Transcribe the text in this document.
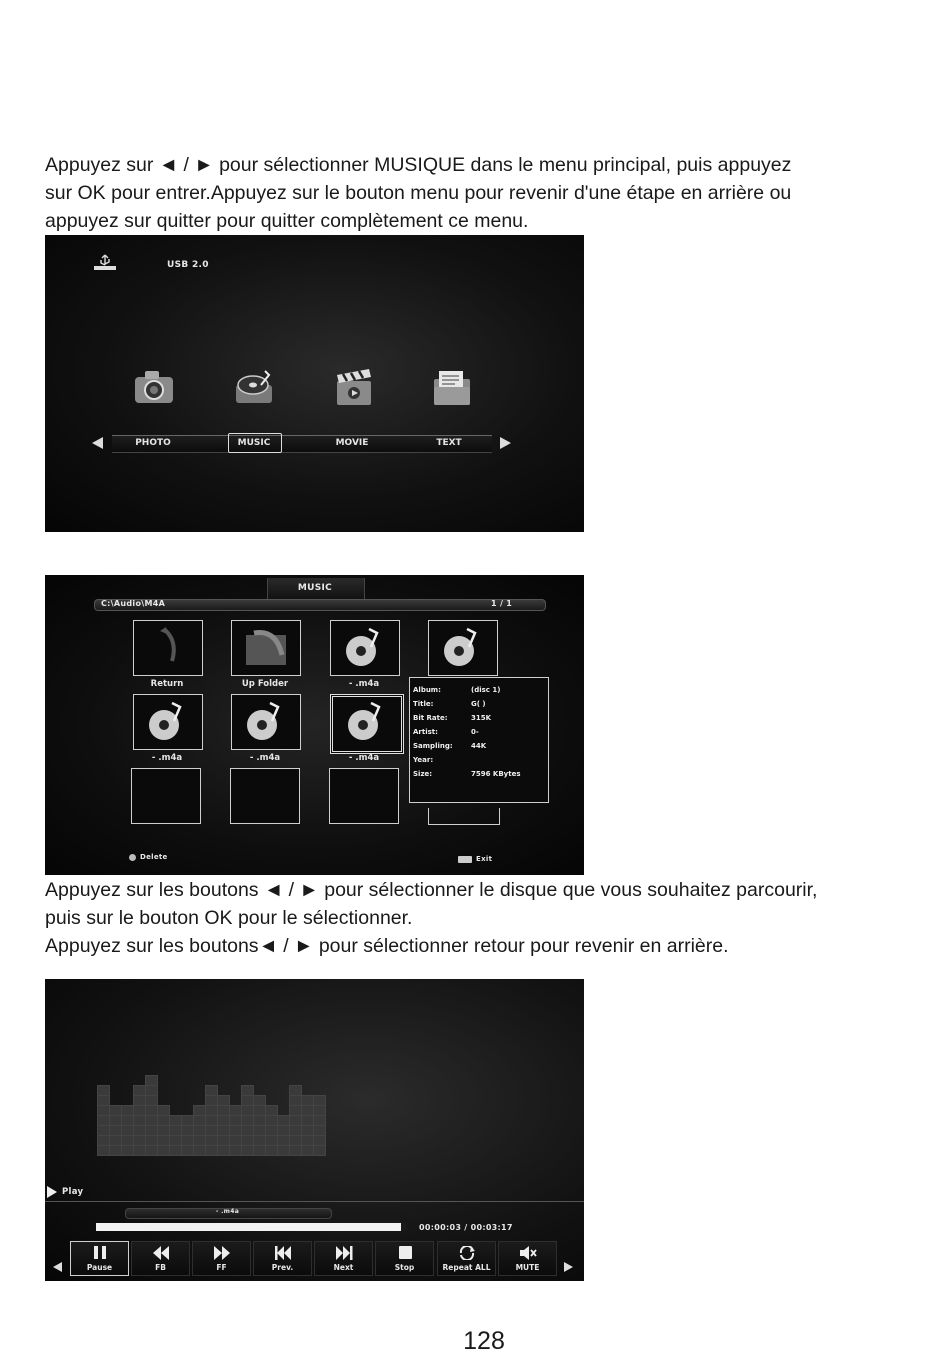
Appuyez sur ◄ / ► pour sélectionner MUSIQUE dans le menu principal, puis appuyez
sur OK pour entrer.Appuyez sur le bouton menu pour revenir d'une étape en arrière ou
appuyez sur quitter pour quitter complètement ce menu.

USB 2.0
PHOTO	MUSIC	MOVIE	TEXT
MUSIC
C:\Audio\M4A	1 / 1
Return	Up Folder	- .m4a
- .m4a	- .m4a	- .m4a
Album:	(disc 1)
Title:	G( )
Bit Rate:	315K
Artist:	0-
Sampling:	44K
Year:
Size:	7596 KBytes
Delete	Exit

Appuyez sur les boutons ◄ / ► pour sélectionner le disque que vous souhaitez parcourir,
puis sur le bouton OK pour le sélectionner.
Appuyez sur les boutons◄ / ► pour sélectionner retour pour revenir en arrière.

Play
- .m4a
00:00:03 / 00:03:17
Pause	FB	FF	Prev.	Next	Stop	Repeat ALL	MUTE
128
